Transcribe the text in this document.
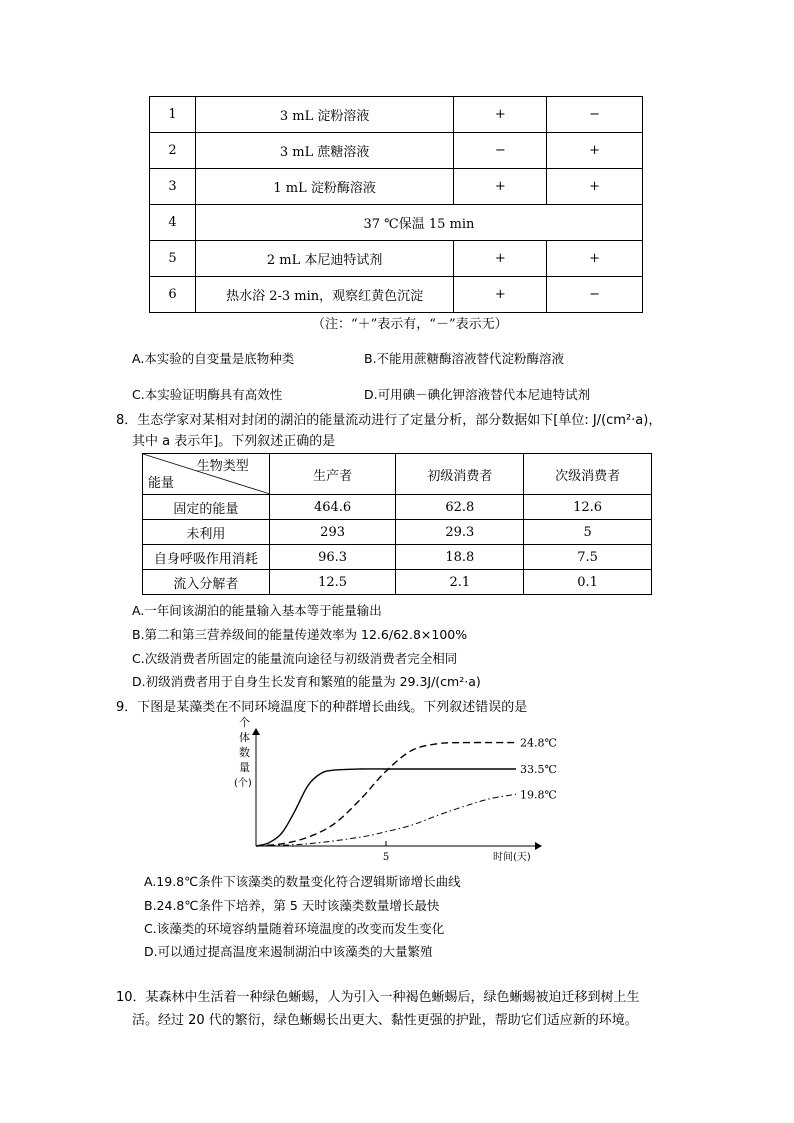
1	3 mL 淀粉溶液	+	−
2	3 mL 蔗糖溶液	−	+
3	1 mL 淀粉酶溶液	+	+
4	37 ℃保温 15 min		
5	2 mL 本尼迪特试剂	+	+
6	热水浴 2-3 min，观察红黄色沉淀	+	−
（注：“＋”表示有，“－”表示无）
A.本实验的自变量是底物种类	B.不能用蔗糖酶溶液替代淀粉酶溶液
C.本实验证明酶具有高效性	D.可用碘－碘化钾溶液替代本尼迪特试剂
8．生态学家对某相对封闭的湖泊的能量流动进行了定量分析，部分数据如下[单位: J/(cm²·a)，
其中 a 表示年]。下列叙述正确的是
生物类型
能量	生产者	初级消费者	次级消费者
固定的能量	464.6	62.8	12.6
未利用	293	29.3	5
自身呼吸作用消耗	96.3	18.8	7.5
流入分解者	12.5	2.1	0.1
A.一年间该湖泊的能量输入基本等于能量输出
B.第二和第三营养级间的能量传递效率为 12.6/62.8×100%
C.次级消费者所固定的能量流向途径与初级消费者完全相同
D.初级消费者用于自身生长发育和繁殖的能量为 29.3J/(cm²·a)
9．下图是某藻类在不同环境温度下的种群增长曲线。下列叙述错误的是
5
个
体
数
量
(个)
时间(天)
24.8℃
33.5℃
19.8℃
A.19.8℃条件下该藻类的数量变化符合逻辑斯谛增长曲线
B.24.8℃条件下培养，第 5 天时该藻类数量增长最快
C.该藻类的环境容纳量随着环境温度的改变而发生变化
D.可以通过提高温度来遏制湖泊中该藻类的大量繁殖
10．某森林中生活着一种绿色蜥蜴，人为引入一种褐色蜥蜴后，绿色蜥蜴被迫迁移到树上生
活。经过 20 代的繁衍，绿色蜥蜴长出更大、黏性更强的护趾，帮助它们适应新的环境。
